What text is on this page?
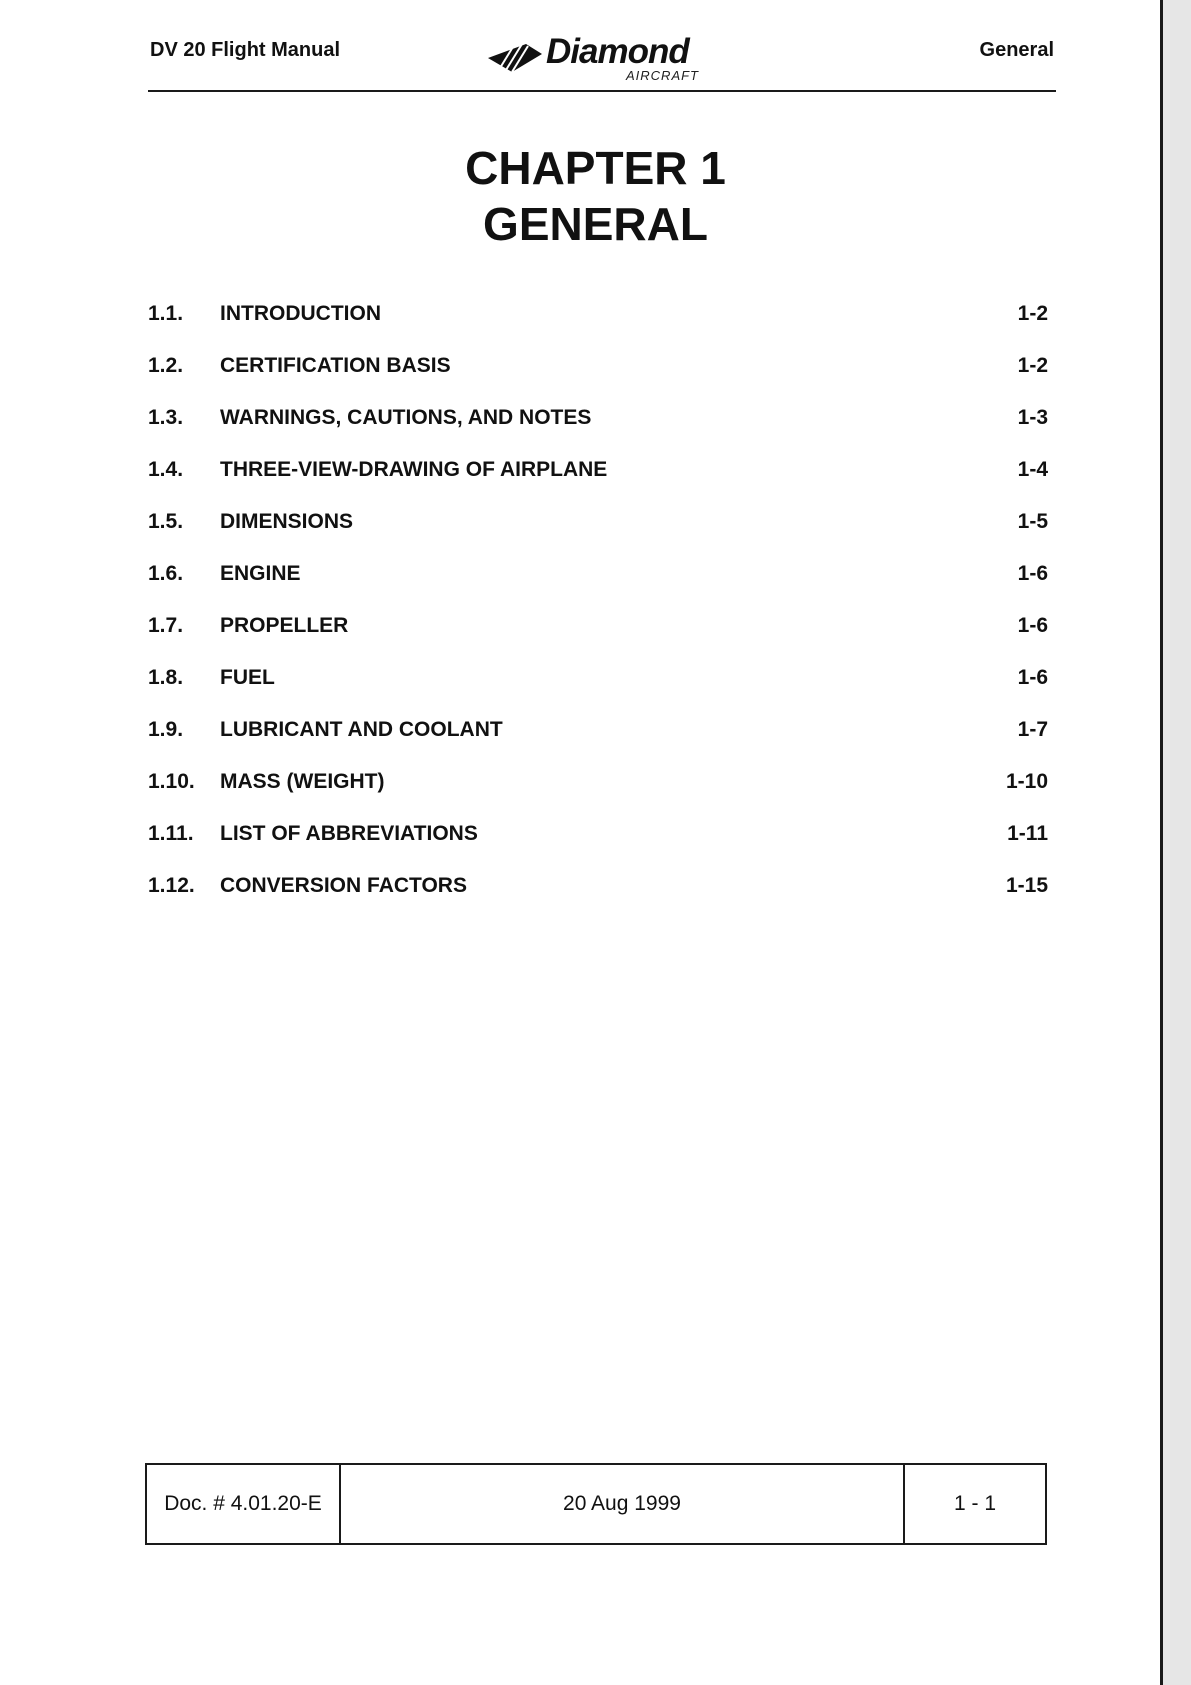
DV 20 Flight Manual	Diamond
AIRCRAFT
General
CHAPTER 1
GENERAL
1.1. INTRODUCTION	1-2
1.2. CERTIFICATION BASIS	1-2
1.3. WARNINGS, CAUTIONS, AND NOTES	1-3
1.4. THREE-VIEW-DRAWING OF AIRPLANE	1-4
1.5. DIMENSIONS	1-5
1.6. ENGINE	1-6
1.7. PROPELLER	1-6
1.8. FUEL	1-6
1.9. LUBRICANT AND COOLANT	1-7
1.10. MASS (WEIGHT)	1-10
1.11. LIST OF ABBREVIATIONS	1-11
1.12. CONVERSION FACTORS	1-15
Doc. # 4.01.20-E	20 Aug 1999	1 - 1
